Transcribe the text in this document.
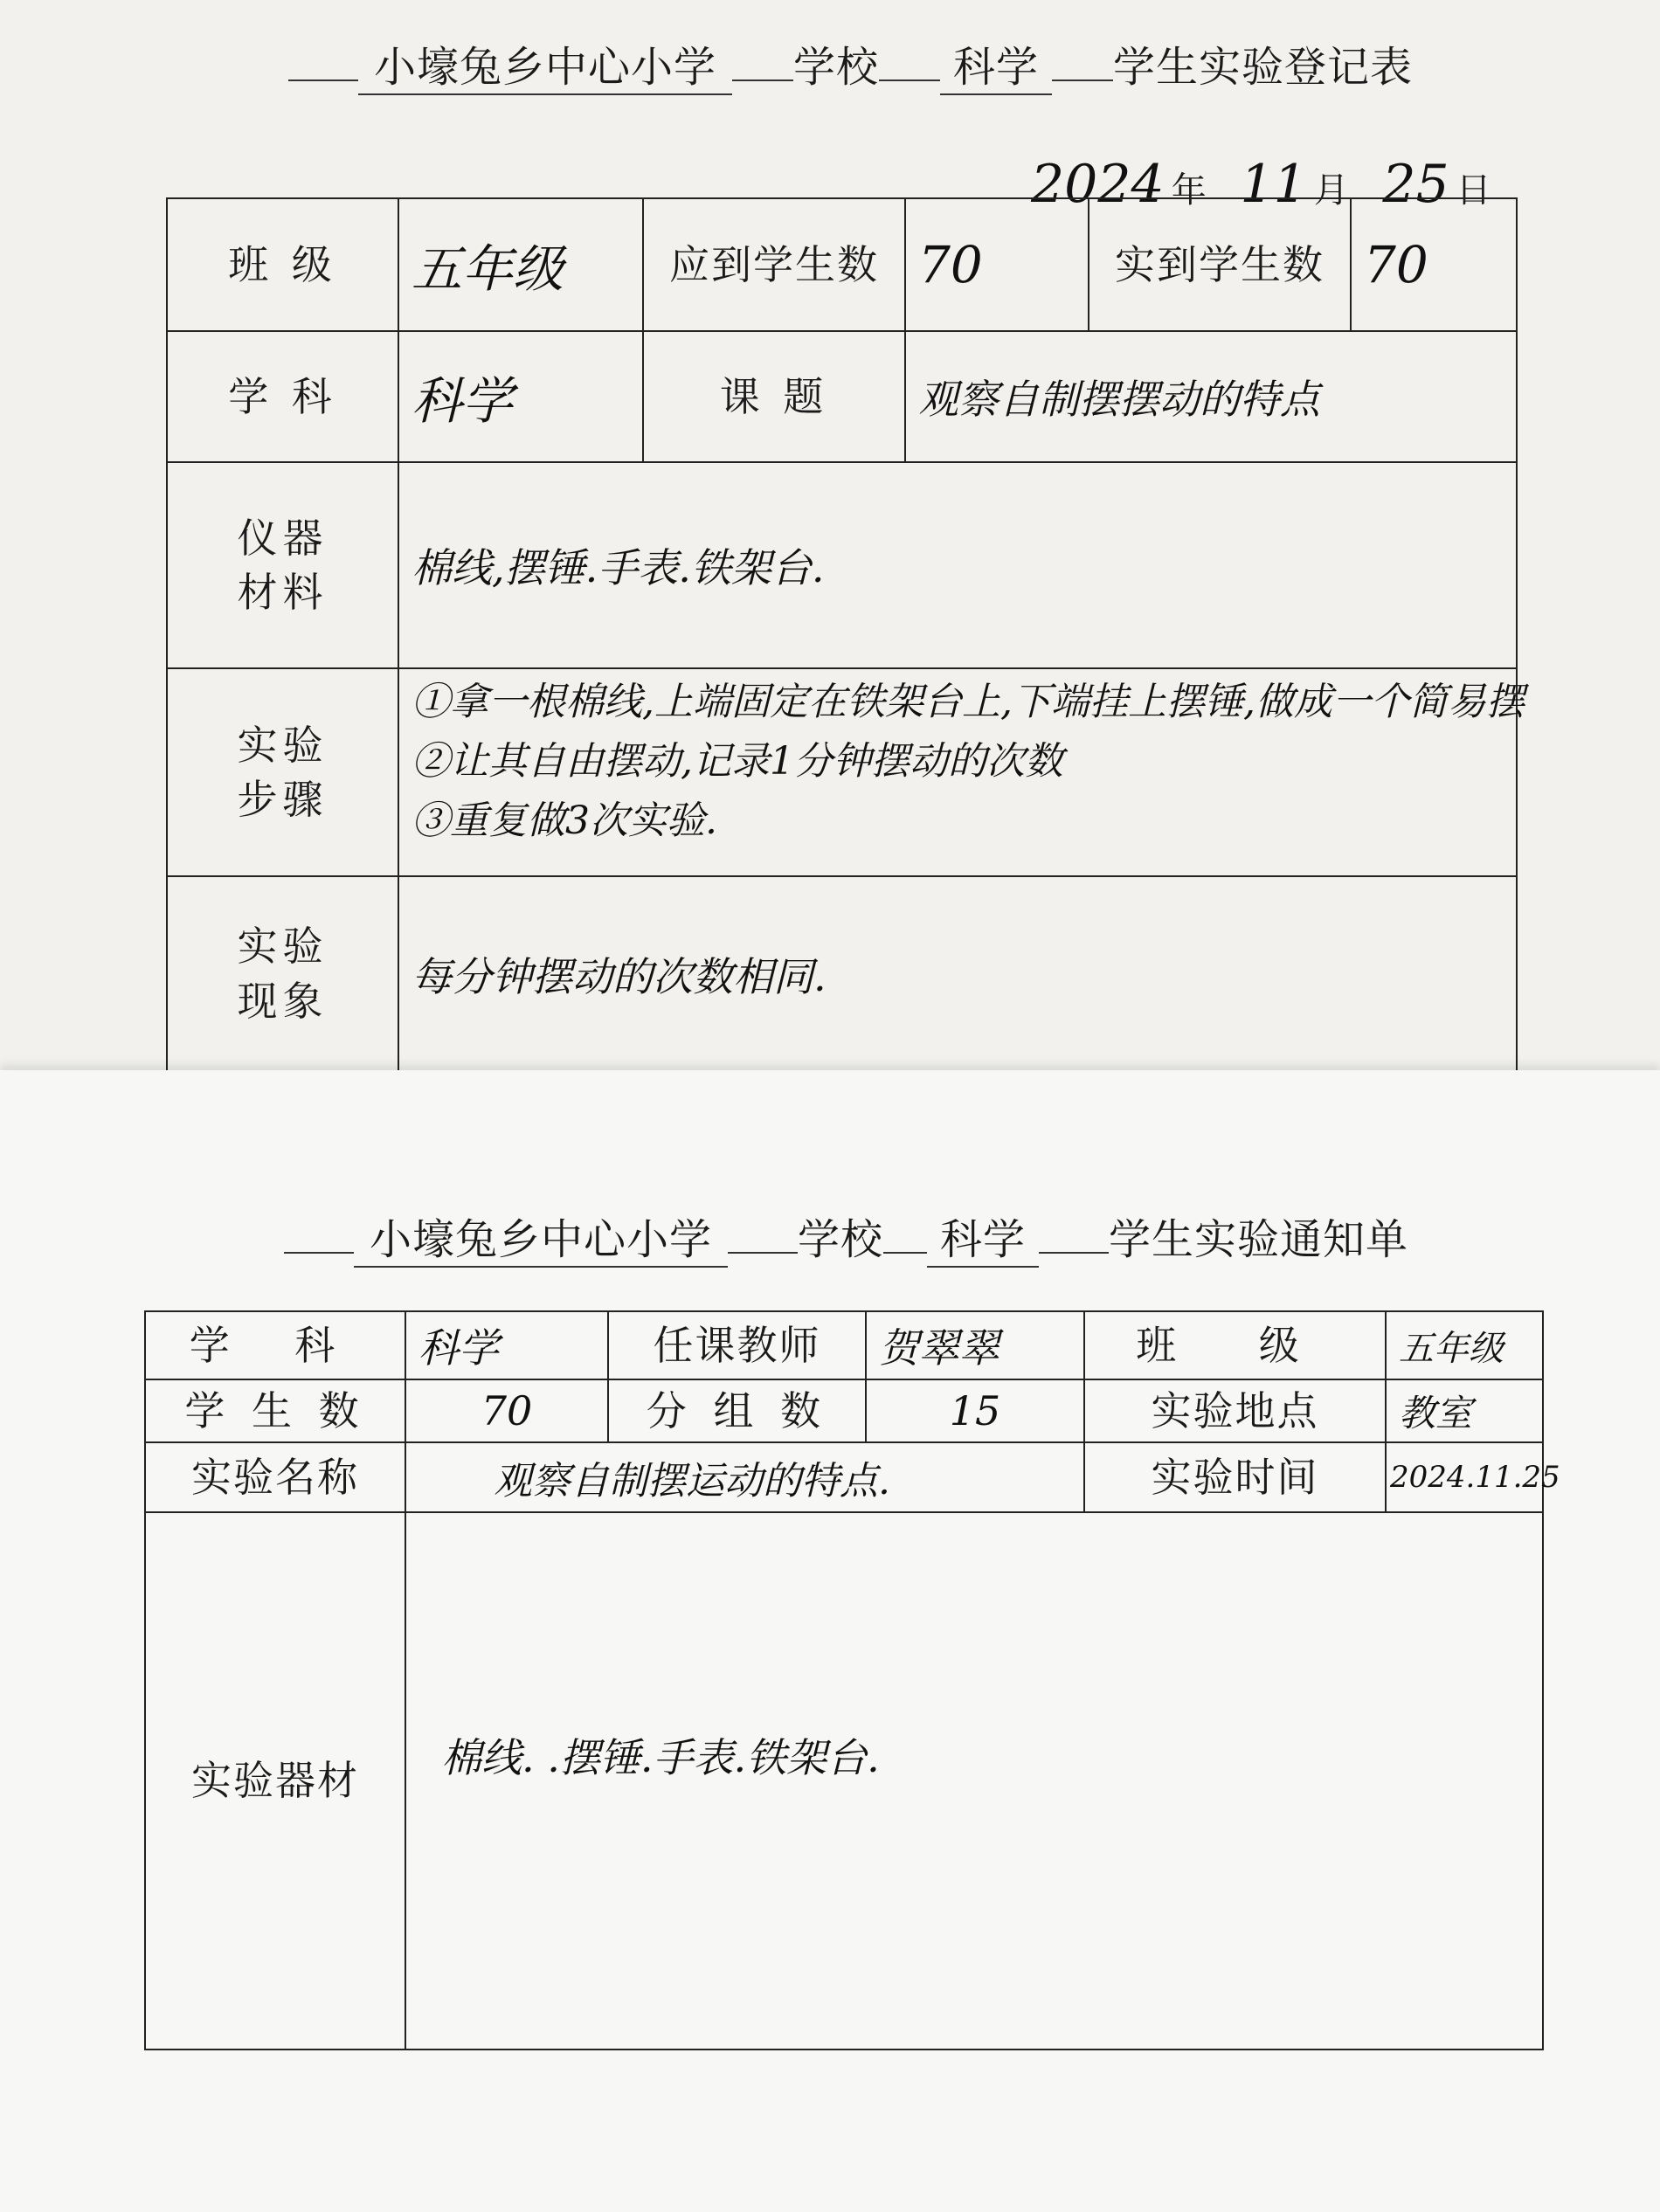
小壕兔乡中心小学 学校 科学 学生实验登记表
2024 年 11 月 25 日
班 级	五年级	应到学生数	70	实到学生数	70
学 科	科学	课 题	观察自制摆摆动的特点		
仪器
材料	棉线,摆锤.手表.铁架台.				
实验
步骤	①拿一根棉线,上端固定在铁架台上,下端挂上摆锤,做成一个简易摆
②让其自由摆动,记录1分钟摆动的次数
③重复做3次实验.				

实验
现象	每分钟摆动的次数相同.				
小壕兔乡中心小学 学校 科学 学生实验通知单
学 科	科学	任课教师	贺翠翠	班 级	五年级
学 生 数	70	分 组 数	15	实验地点	教室
实验名称	观察自制摆运动的特点.			实验时间	2024.11.25
实验器材	棉线. .摆锤.手表.铁架台.				
